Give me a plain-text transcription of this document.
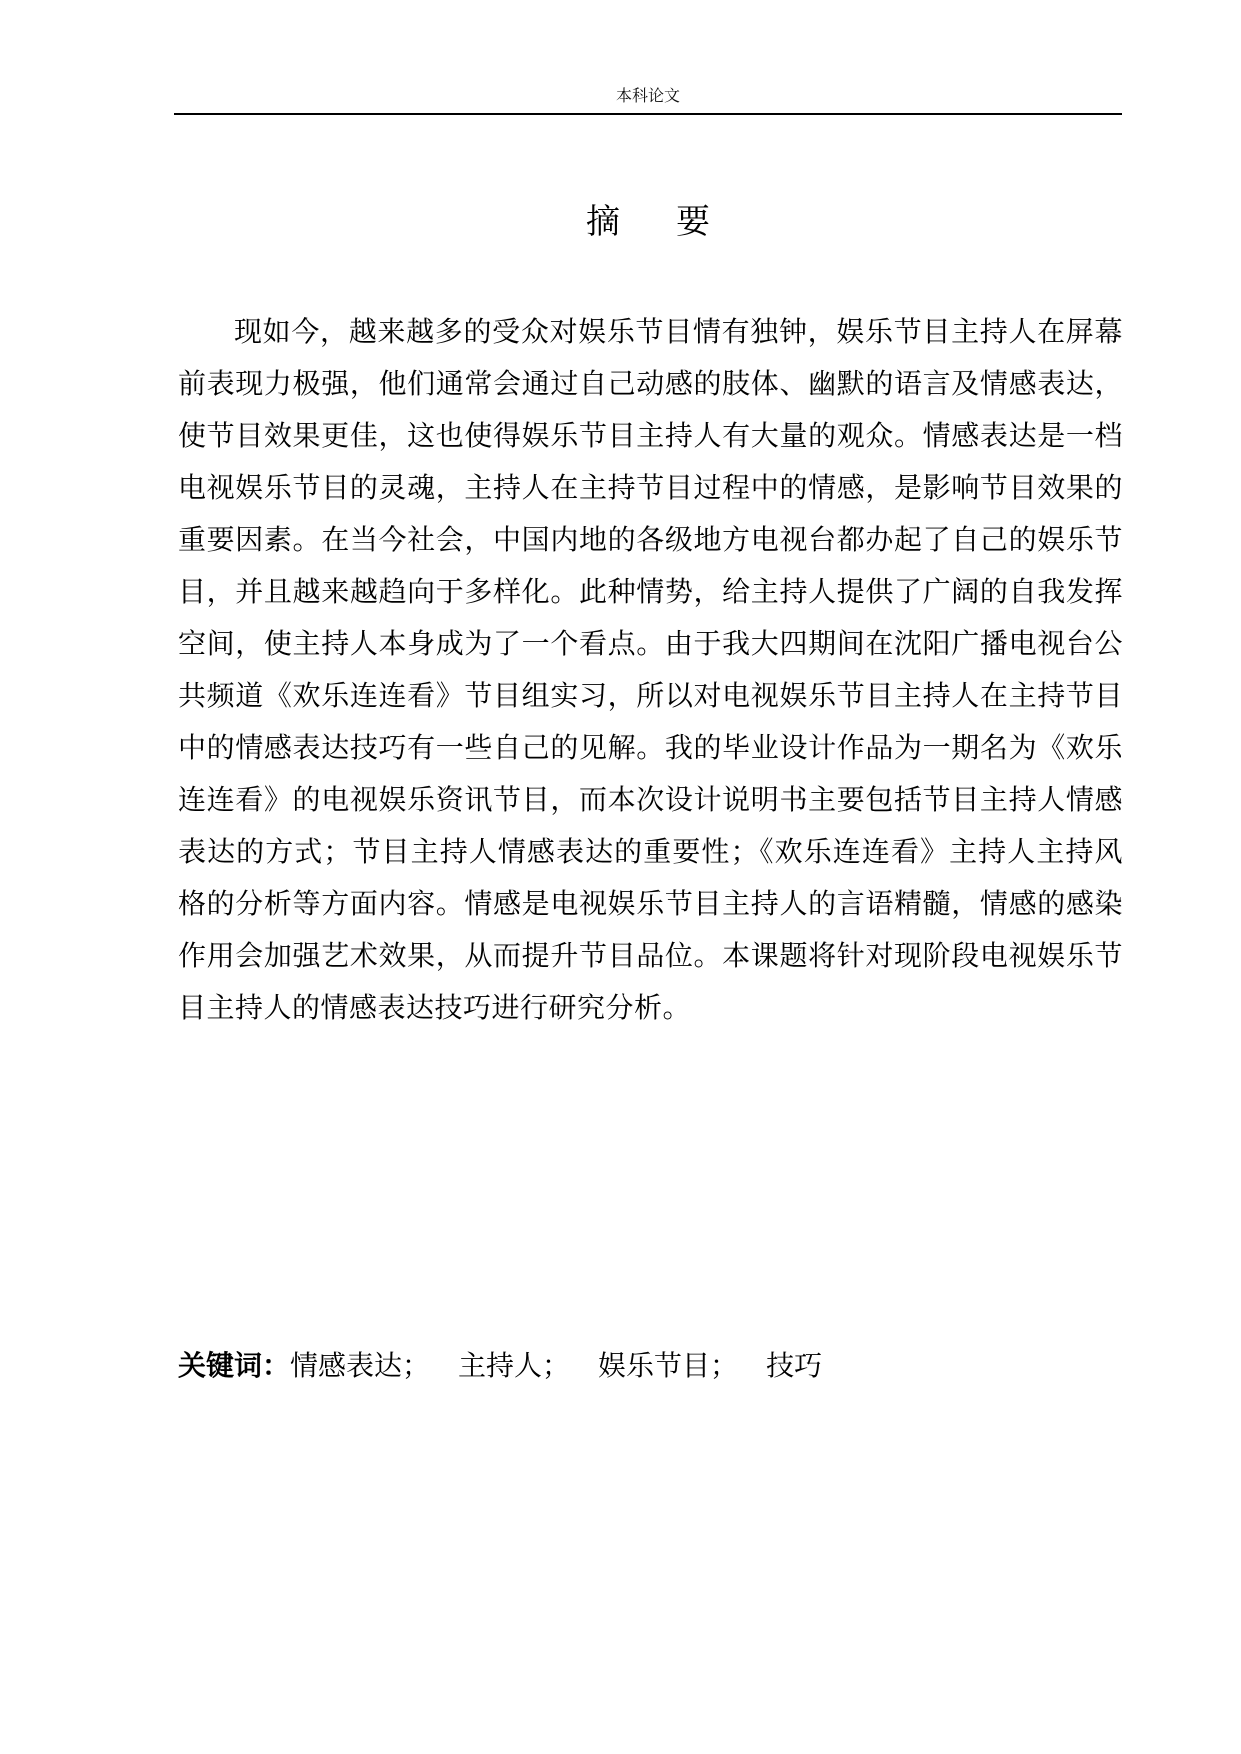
本科论文
摘要

现如今，越来越多的受众对娱乐节目情有独钟，娱乐节目主持人在屏幕前表现力极强，他们通常会通过自己动感的肢体、幽默的语言及情感表达，使节目效果更佳，这也使得娱乐节目主持人有大量的观众。情感表达是一档电视娱乐节目的灵魂，主持人在主持节目过程中的情感，是影响节目效果的重要因素。在当今社会，中国内地的各级地方电视台都办起了自己的娱乐节目，并且越来越趋向于多样化。此种情势，给主持人提供了广阔的自我发挥空间，使主持人本身成为了一个看点。由于我大四期间在沈阳广播电视台公共频道《欢乐连连看》节目组实习，所以对电视娱乐节目主持人在主持节目中的情感表达技巧有一些自己的见解。我的毕业设计作品为一期名为《欢乐连连看》的电视娱乐资讯节目，而本次设计说明书主要包括节目主持人情感表达的方式；节目主持人情感表达的重要性；《欢乐连连看》主持人主持风格的分析等方面内容。情感是电视娱乐节目主持人的言语精髓，情感的感染作用会加强艺术效果，从而提升节目品位。本课题将针对现阶段电视娱乐节目主持人的情感表达技巧进行研究分析。

关键词：情感表达； 主持人； 娱乐节目； 技巧
